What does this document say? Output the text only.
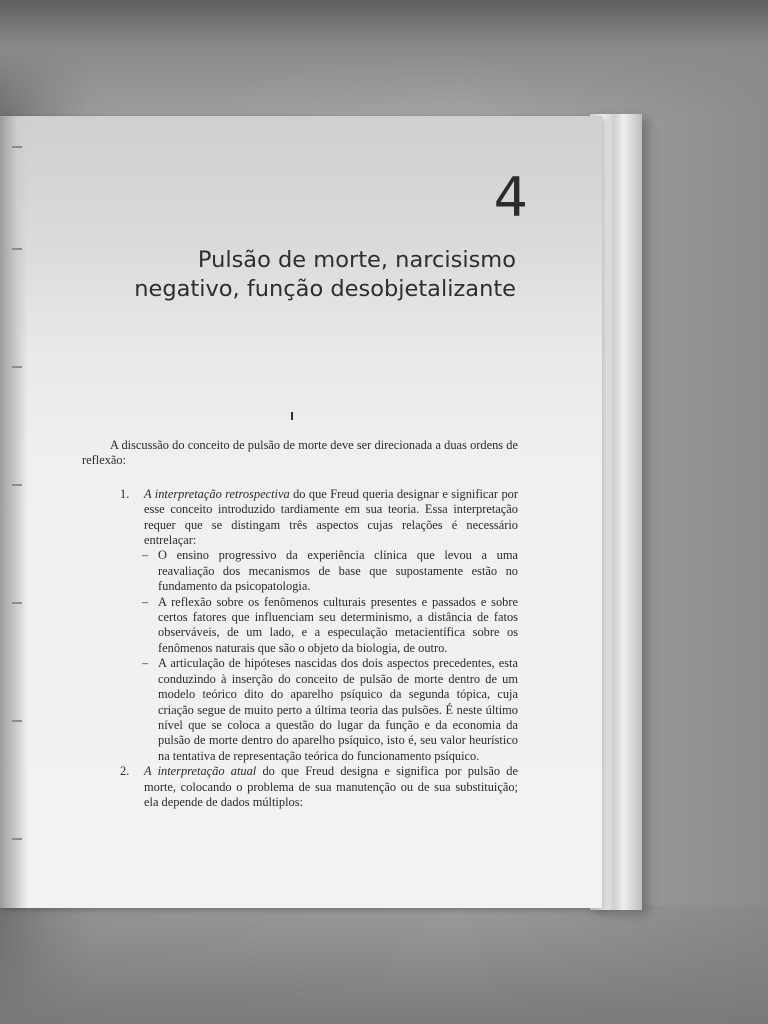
4
Pulsão de morte, narcisismo
negativo, função desobjetalizante
I

A discussão do conceito de pulsão de morte deve ser direcionada a duas ordens de reflexão:

1. A interpretação retrospectiva do que Freud queria designar e significar por esse conceito introduzido tardiamente em sua teoria. Essa interpretação requer que se distingam três aspectos cujas relações é necessário entrelaçar:
– O ensino progressivo da experiência clínica que levou a uma reavaliação dos mecanismos de base que supostamente estão no fundamento da psicopatologia.
– A reflexão sobre os fenômenos culturais presentes e passados e sobre certos fatores que influenciam seu determinismo, a distância de fatos observáveis, de um lado, e a especulação metacientífica sobre os fenômenos naturais que são o objeto da biologia, de outro.
– A articulação de hipóteses nascidas dos dois aspectos precedentes, esta conduzindo à inserção do conceito de pulsão de morte dentro de um modelo teórico dito do aparelho psíquico da segunda tópica, cuja criação segue de muito perto a última teoria das pulsões. É neste último nível que se coloca a questão do lugar da função e da economia da pulsão de morte dentro do aparelho psíquico, isto é, seu valor heurístico na tentativa de representação teórica do funcionamento psíquico.
2. A interpretação atual do que Freud designa e significa por pulsão de morte, colocando o problema de sua manutenção ou de sua substituição; ela depende de dados múltiplos:
